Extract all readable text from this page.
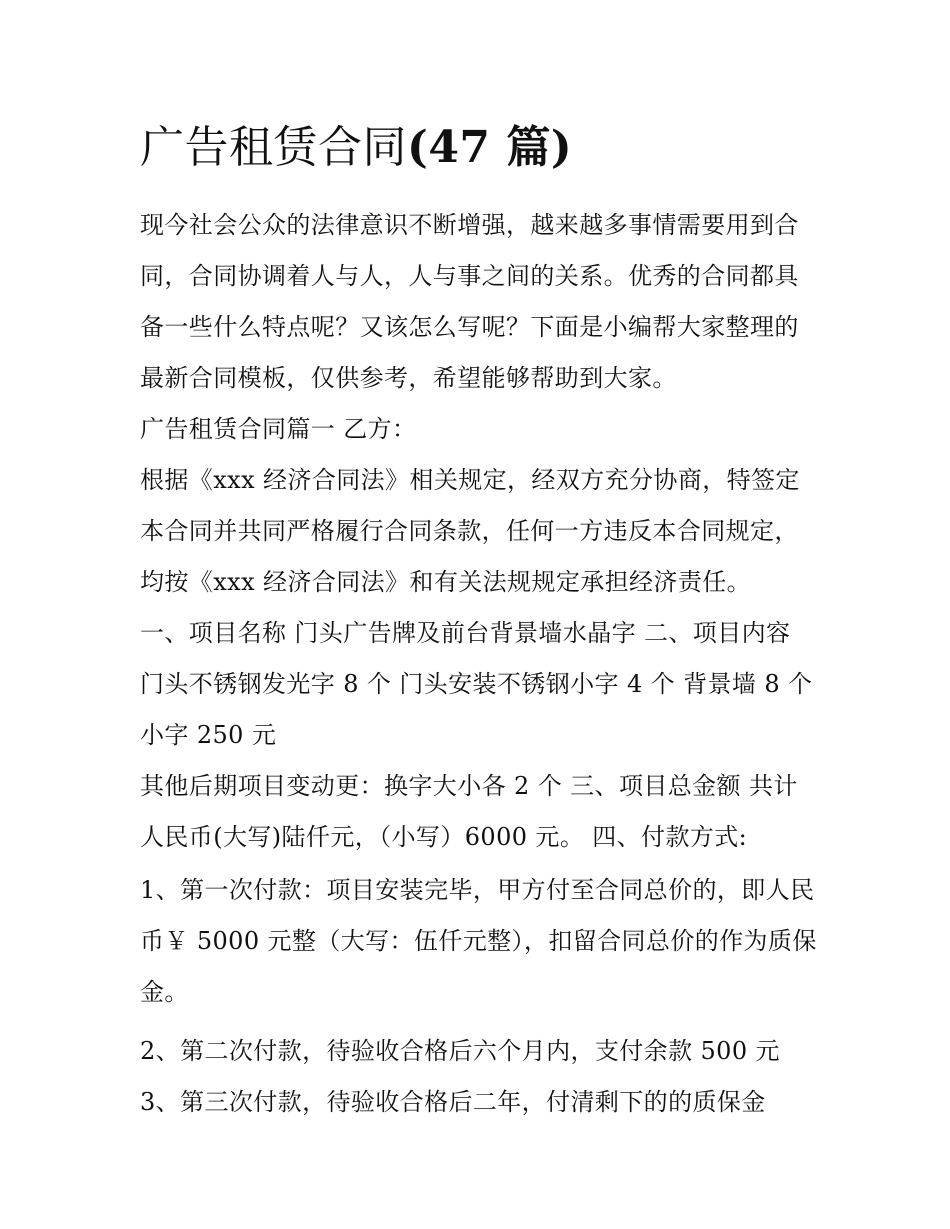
广告租赁合同(47 篇)

现今社会公众的法律意识不断增强，越来越多事情需要用到合同，合同协调着人与人，人与事之间的关系。优秀的合同都具备一些什么特点呢？又该怎么写呢？下面是小编帮大家整理的最新合同模板，仅供参考，希望能够帮助到大家。

广告租赁合同篇一 乙方：

根据《xxx 经济合同法》相关规定，经双方充分协商，特签定本合同并共同严格履行合同条款，任何一方违反本合同规定，均按《xxx 经济合同法》和有关法规规定承担经济责任。

一、项目名称 门头广告牌及前台背景墙水晶字 二、项目内容 门头不锈钢发光字 8 个 门头安装不锈钢小字 4 个 背景墙 8 个 小字 250 元

其他后期项目变动更：换字大小各 2 个 三、项目总金额 共计人民币(大写)陆仟元，（小写）6000 元。 四、付款方式:

1、第一次付款：项目安装完毕，甲方付至合同总价的，即人民币￥ 5000 元整（大写：伍仟元整），扣留合同总价的作为质保金。

2、第二次付款，待验收合格后六个月内，支付余款 500 元

3、第三次付款，待验收合格后二年，付清剩下的的质保金
